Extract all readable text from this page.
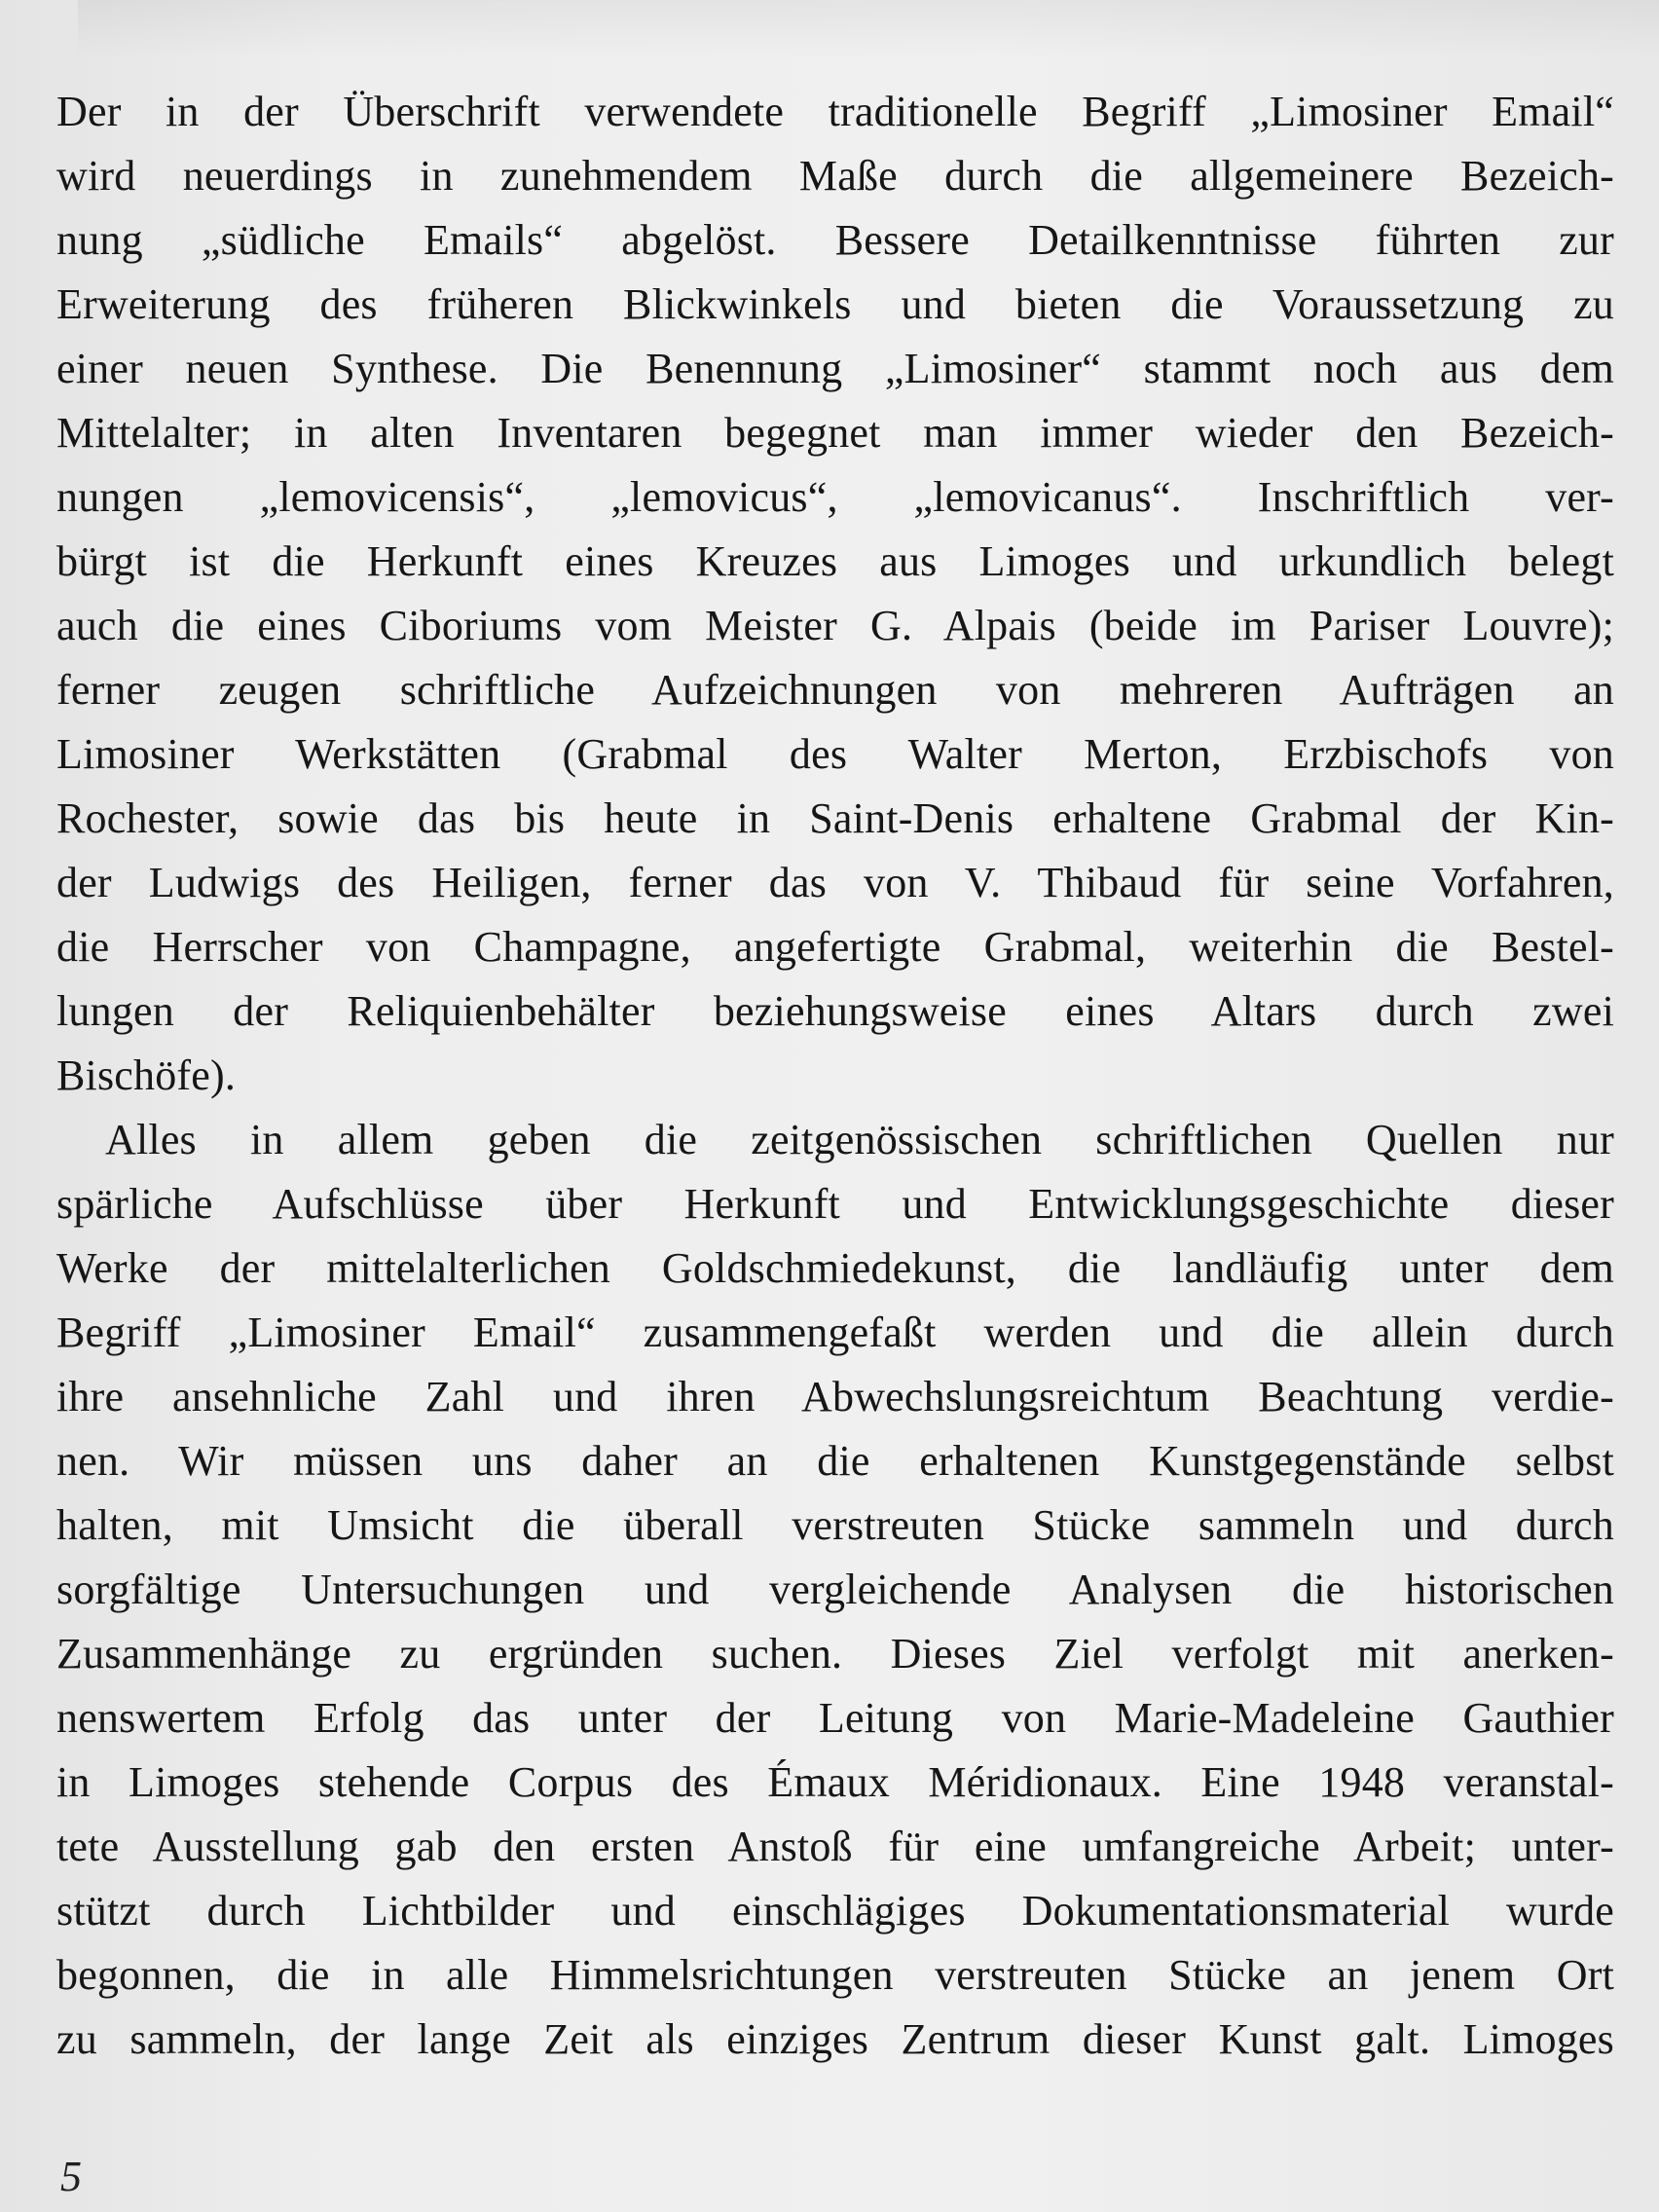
Der in der Überschrift verwendete traditionelle Begriff „Limosiner Email“
wird neuerdings in zunehmendem Maße durch die allgemeinere Bezeich-
nung „südliche Emails“ abgelöst. Bessere Detailkenntnisse führten zur
Erweiterung des früheren Blickwinkels und bieten die Voraussetzung zu
einer neuen Synthese. Die Benennung „Limosiner“ stammt noch aus dem
Mittelalter; in alten Inventaren begegnet man immer wieder den Bezeich-
nungen „lemovicensis“, „lemovicus“, „lemovicanus“. Inschriftlich ver-
bürgt ist die Herkunft eines Kreuzes aus Limoges und urkundlich belegt
auch die eines Ciboriums vom Meister G. Alpais (beide im Pariser Louvre);
ferner zeugen schriftliche Aufzeichnungen von mehreren Aufträgen an
Limosiner Werkstätten (Grabmal des Walter Merton, Erzbischofs von
Rochester, sowie das bis heute in Saint-Denis erhaltene Grabmal der Kin-
der Ludwigs des Heiligen, ferner das von V. Thibaud für seine Vorfahren,
die Herrscher von Champagne, angefertigte Grabmal, weiterhin die Bestel-
lungen der Reliquienbehälter beziehungsweise eines Altars durch zwei
Bischöfe).
Alles in allem geben die zeitgenössischen schriftlichen Quellen nur
spärliche Aufschlüsse über Herkunft und Entwicklungsgeschichte dieser
Werke der mittelalterlichen Goldschmiedekunst, die landläufig unter dem
Begriff „Limosiner Email“ zusammengefaßt werden und die allein durch
ihre ansehnliche Zahl und ihren Abwechslungsreichtum Beachtung verdie-
nen. Wir müssen uns daher an die erhaltenen Kunstgegenstände selbst
halten, mit Umsicht die überall verstreuten Stücke sammeln und durch
sorgfältige Untersuchungen und vergleichende Analysen die historischen
Zusammenhänge zu ergründen suchen. Dieses Ziel verfolgt mit anerken-
nenswertem Erfolg das unter der Leitung von Marie-Madeleine Gauthier
in Limoges stehende Corpus des Émaux Méridionaux. Eine 1948 veranstal-
tete Ausstellung gab den ersten Anstoß für eine umfangreiche Arbeit; unter-
stützt durch Lichtbilder und einschlägiges Dokumentationsmaterial wurde
begonnen, die in alle Himmelsrichtungen verstreuten Stücke an jenem Ort
zu sammeln, der lange Zeit als einziges Zentrum dieser Kunst galt. Limoges
5
